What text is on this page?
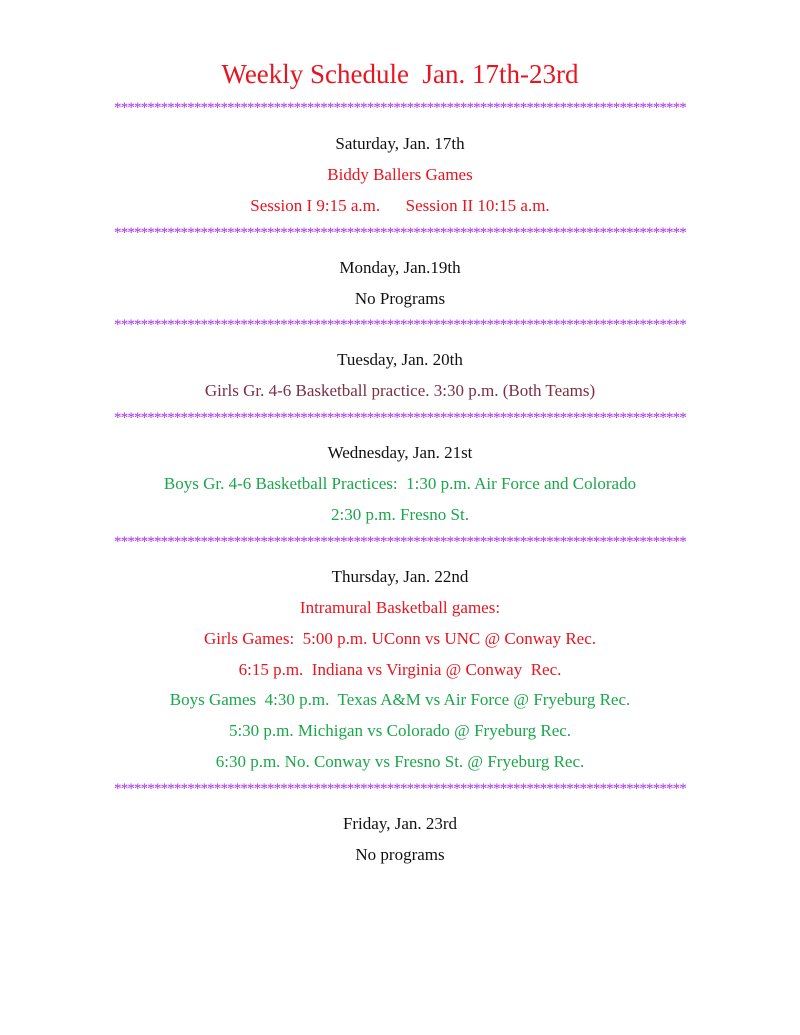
Weekly Schedule  Jan. 17th-23rd
**************************************************************************************
Saturday, Jan. 17th
Biddy Ballers Games
Session I 9:15 a.m.      Session II 10:15 a.m.
**************************************************************************************
Monday, Jan.19th
No Programs
**************************************************************************************
Tuesday, Jan. 20th
Girls Gr. 4-6 Basketball practice. 3:30 p.m. (Both Teams)
**************************************************************************************
Wednesday, Jan. 21st
Boys Gr. 4-6 Basketball Practices:  1:30 p.m. Air Force and Colorado
2:30 p.m. Fresno St.
**************************************************************************************
Thursday, Jan. 22nd
Intramural Basketball games:
Girls Games:  5:00 p.m. UConn vs UNC @ Conway Rec.
6:15 p.m.  Indiana vs Virginia @ Conway  Rec.
Boys Games  4:30 p.m.  Texas A&M vs Air Force @ Fryeburg Rec.
5:30 p.m. Michigan vs Colorado @ Fryeburg Rec.
6:30 p.m. No. Conway vs Fresno St. @ Fryeburg Rec.
**************************************************************************************
Friday, Jan. 23rd
No programs
